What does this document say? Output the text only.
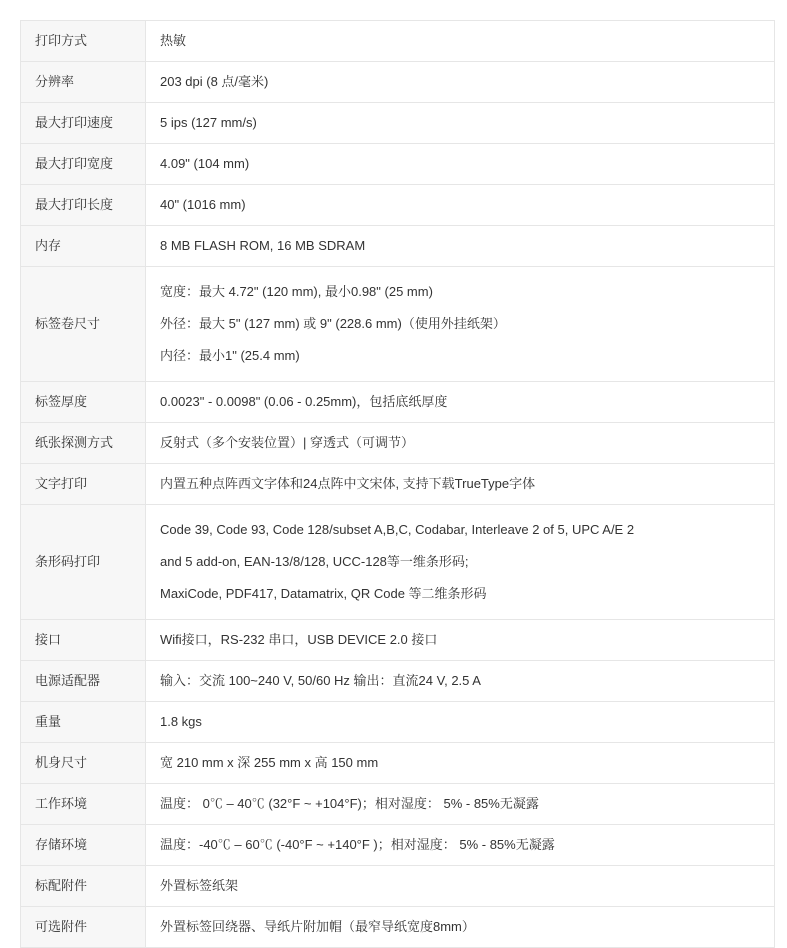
打印方式	热敏

分辨率	203 dpi (8 点/毫米)

最大打印速度	5 ips (127 mm/s)

最大打印宽度	4.09" (104 mm)

最大打印长度	40" (1016 mm)

内存	8 MB FLASH ROM, 16 MB SDRAM

标签卷尺寸	宽度：最大 4.72" (120 mm), 最小0.98" (25 mm)
外径：最大 5" (127 mm) 或 9" (228.6 mm)（使用外挂纸架）
内径：最小1" (25.4 mm)

标签厚度	0.0023" - 0.0098" (0.06 - 0.25mm)，包括底纸厚度

纸张探测方式	反射式（多个安装位置）| 穿透式（可调节）

文字打印	内置五种点阵西文字体和24点阵中文宋体, 支持下载TrueType字体

条形码打印	Code 39, Code 93, Code 128/subset A,B,C, Codabar, Interleave 2 of 5, UPC A/E 2
and 5 add-on, EAN-13/8/128, UCC-128等一维条形码;
MaxiCode, PDF417, Datamatrix, QR Code 等二维条形码

接口	Wifi接口，RS-232 串口，USB DEVICE 2.0 接口

电源适配器	输入：交流 100~240 V, 50/60 Hz 输出：直流24 V, 2.5 A

重量	1.8 kgs

机身尺寸	宽 210 mm x 深 255 mm x 高 150 mm

工作环境	温度： 0℃ – 40℃ (32°F ~ +104°F)；相对湿度： 5% - 85%无凝露

存储环境	温度：-40℃ – 60℃ (-40°F ~ +140°F )；相对湿度： 5% - 85%无凝露

标配附件	外置标签纸架

可选附件	外置标签回绕器、导纸片附加帽（最窄导纸宽度8mm）
